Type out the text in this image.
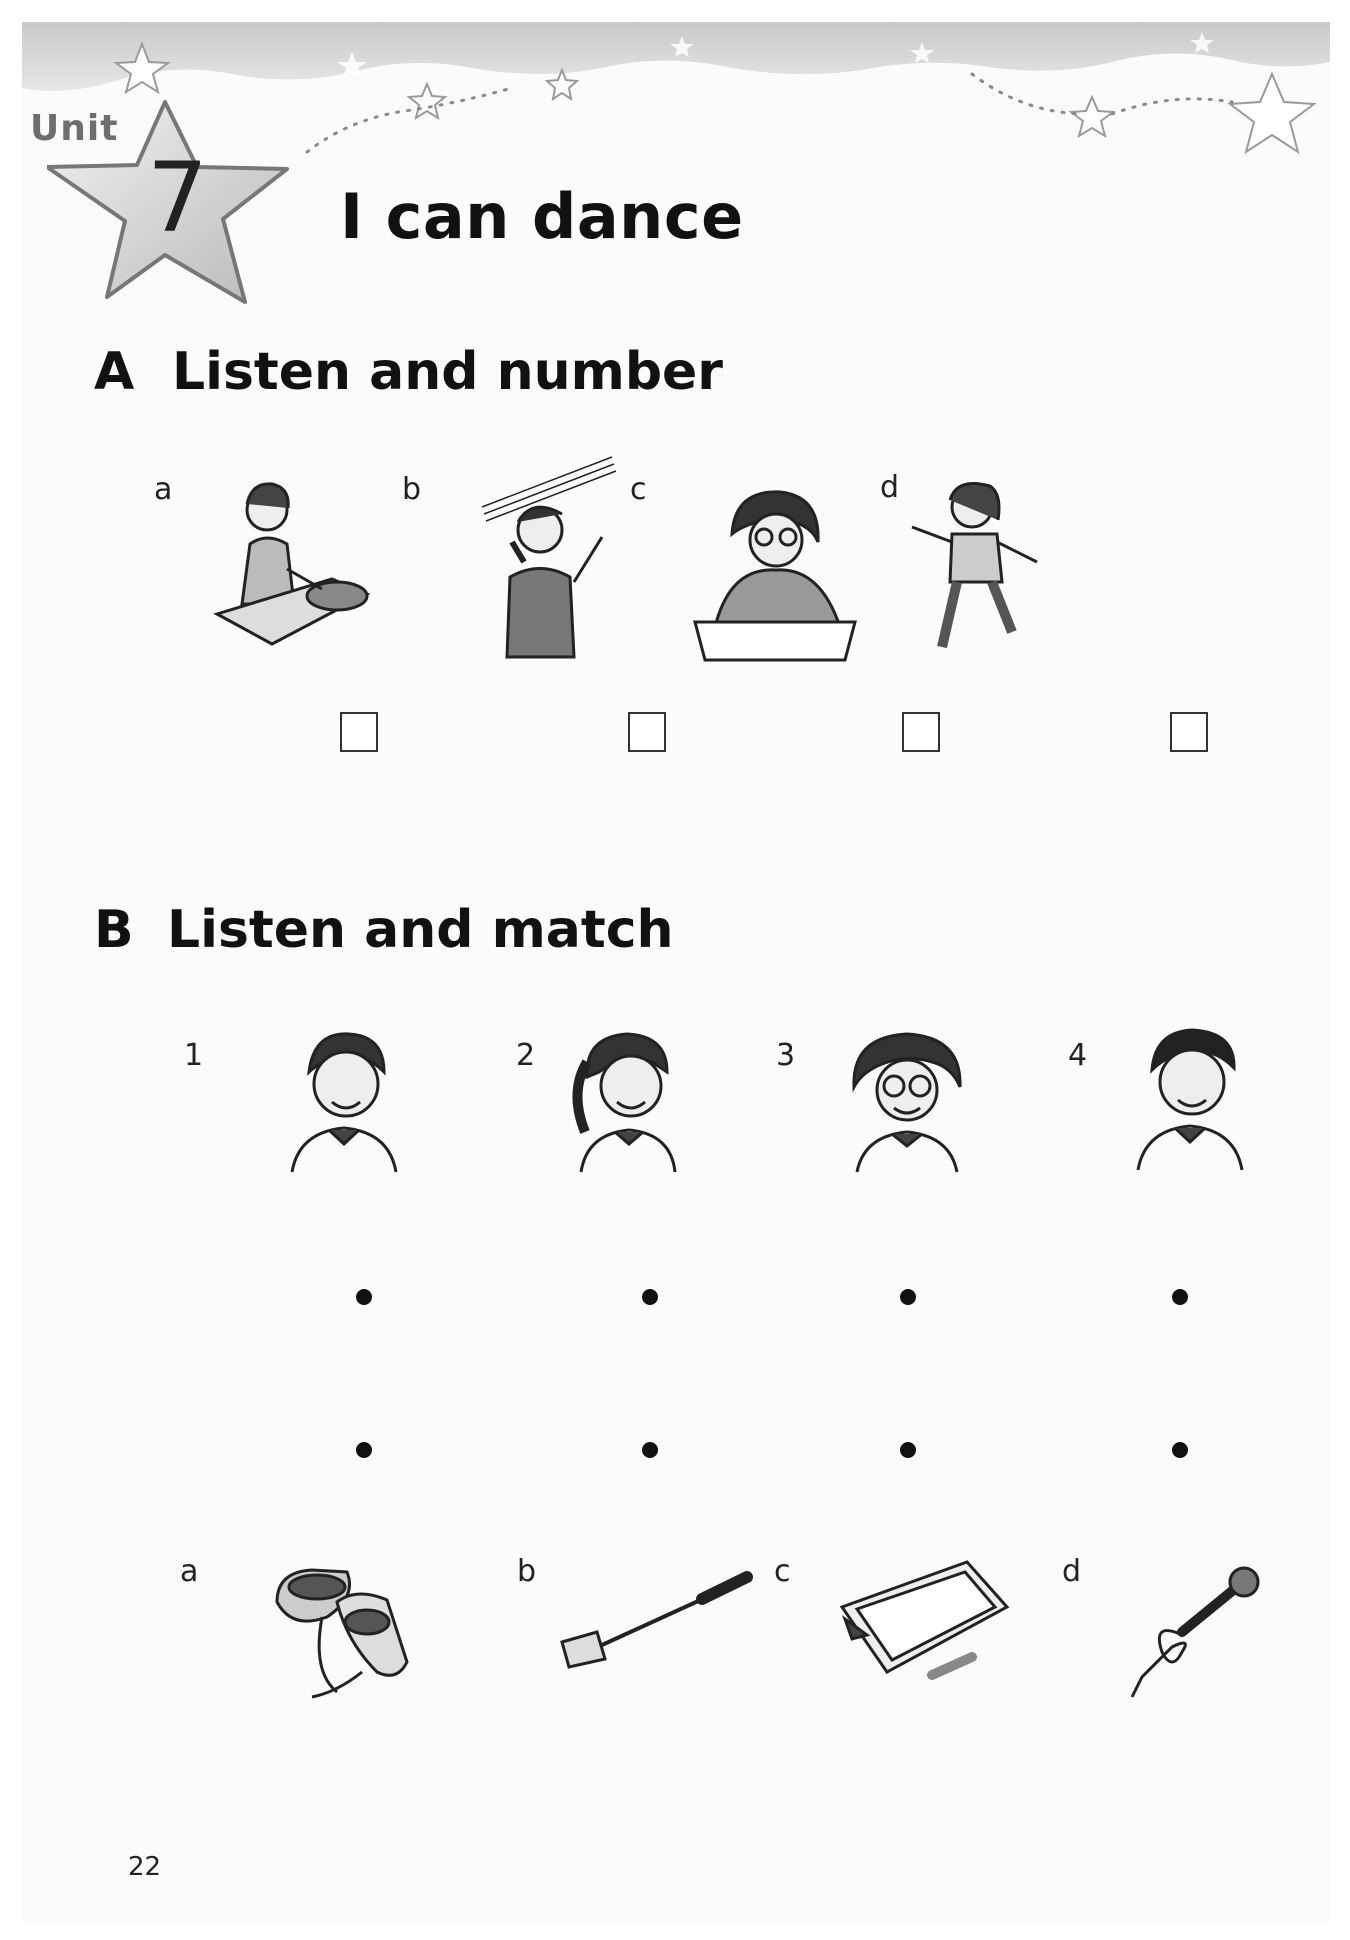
Unit
7 I can dance
A Listen and number
a	b	c	d
B Listen and match
1	2	3	4
a	b	c	d
22
